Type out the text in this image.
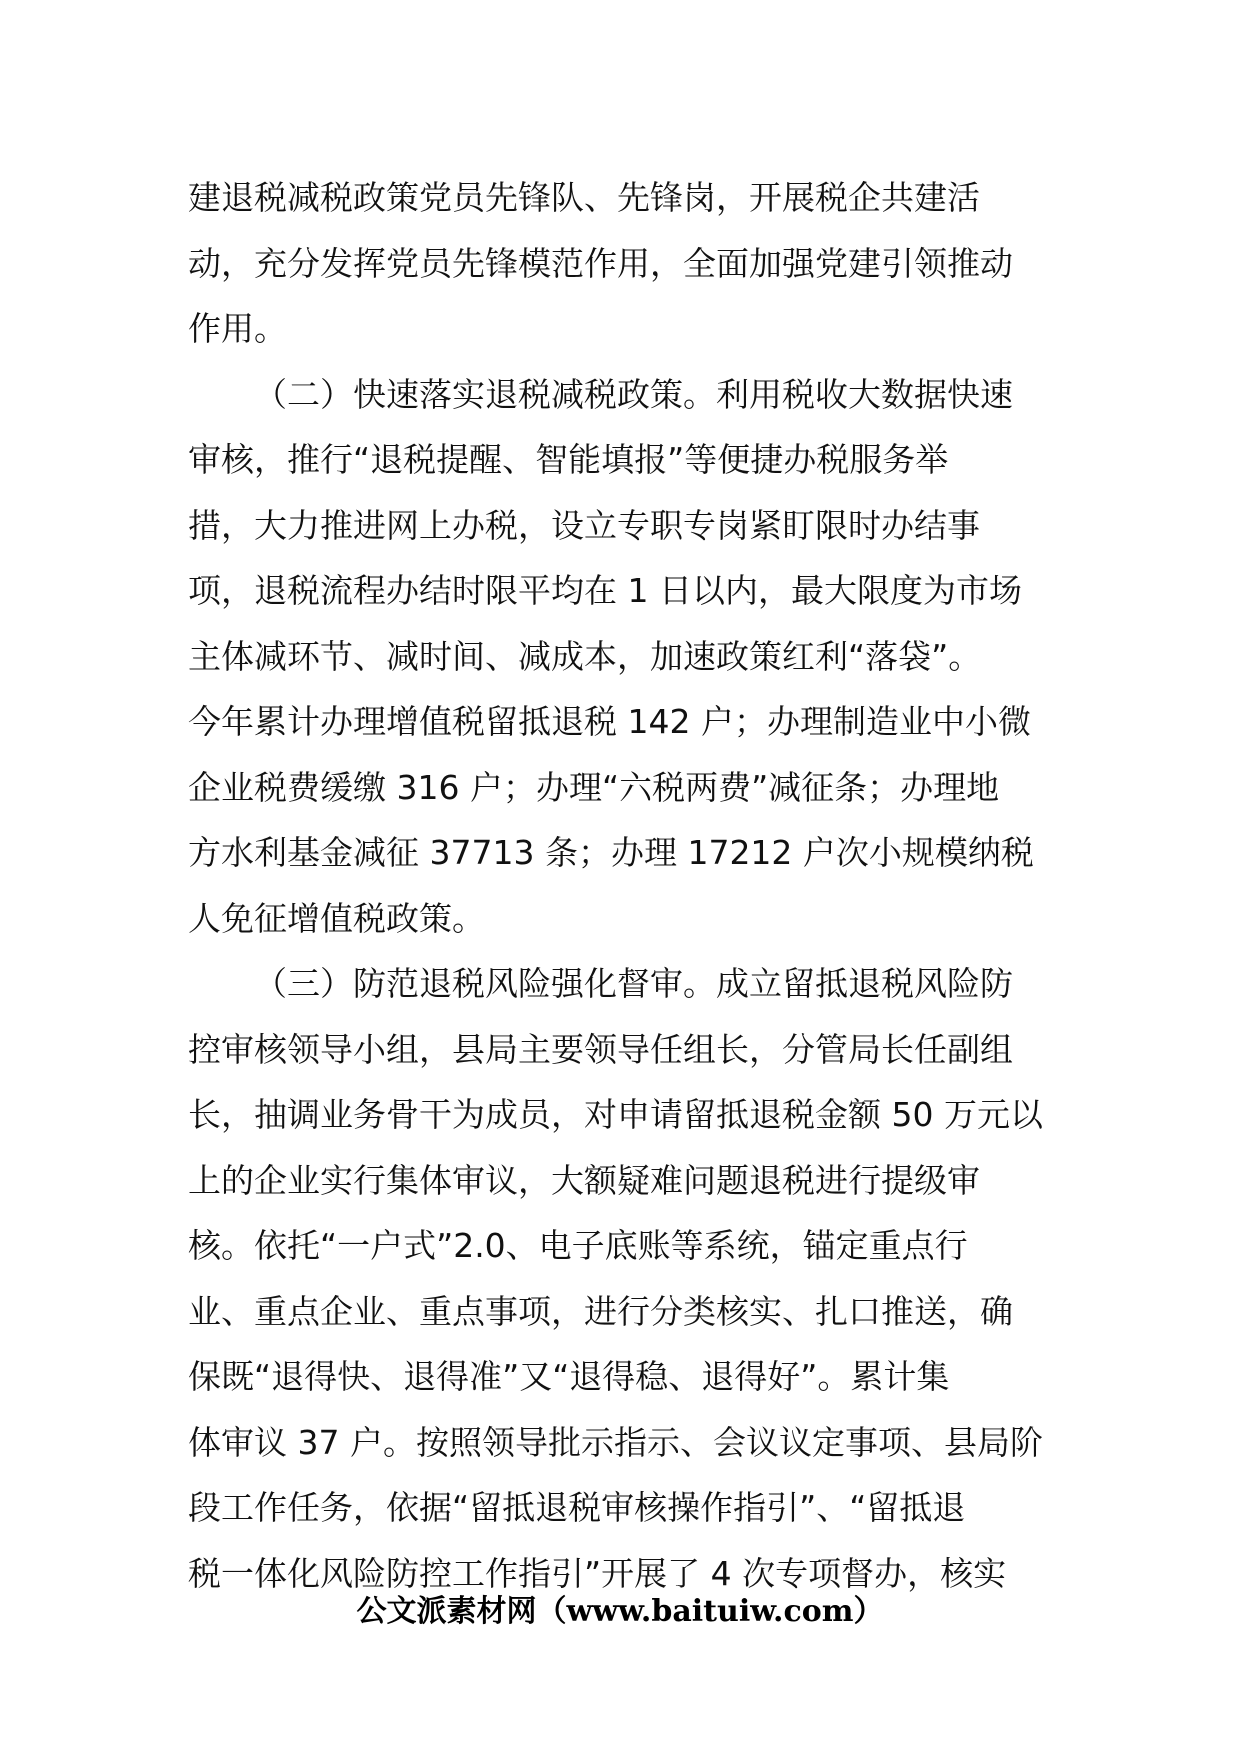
建退税减税政策党员先锋队、先锋岗，开展税企共建活
动，充分发挥党员先锋模范作用，全面加强党建引领推动
作用。
（二）快速落实退税减税政策。利用税收大数据快速
审核，推行“退税提醒、智能填报”等便捷办税服务举
措，大力推进网上办税，设立专职专岗紧盯限时办结事
项，退税流程办结时限平均在 1 日以内，最大限度为市场
主体减环节、减时间、减成本，加速政策红利“落袋”。
今年累计办理增值税留抵退税 142 户；办理制造业中小微
企业税费缓缴 316 户；办理“六税两费”减征条；办理地
方水利基金减征 37713 条；办理 17212 户次小规模纳税
人免征增值税政策。
（三）防范退税风险强化督审。成立留抵退税风险防
控审核领导小组，县局主要领导任组长，分管局长任副组
长，抽调业务骨干为成员，对申请留抵退税金额 50 万元以
上的企业实行集体审议，大额疑难问题退税进行提级审
核。依托“一户式”2.0、电子底账等系统，锚定重点行
业、重点企业、重点事项，进行分类核实、扎口推送，确
保既“退得快、退得准”又“退得稳、退得好”。累计集
体审议 37 户。按照领导批示指示、会议议定事项、县局阶
段工作任务，依据“留抵退税审核操作指引”、“留抵退
税一体化风险防控工作指引”开展了 4 次专项督办，核实
公文派素材网（www.baituiw.com）
